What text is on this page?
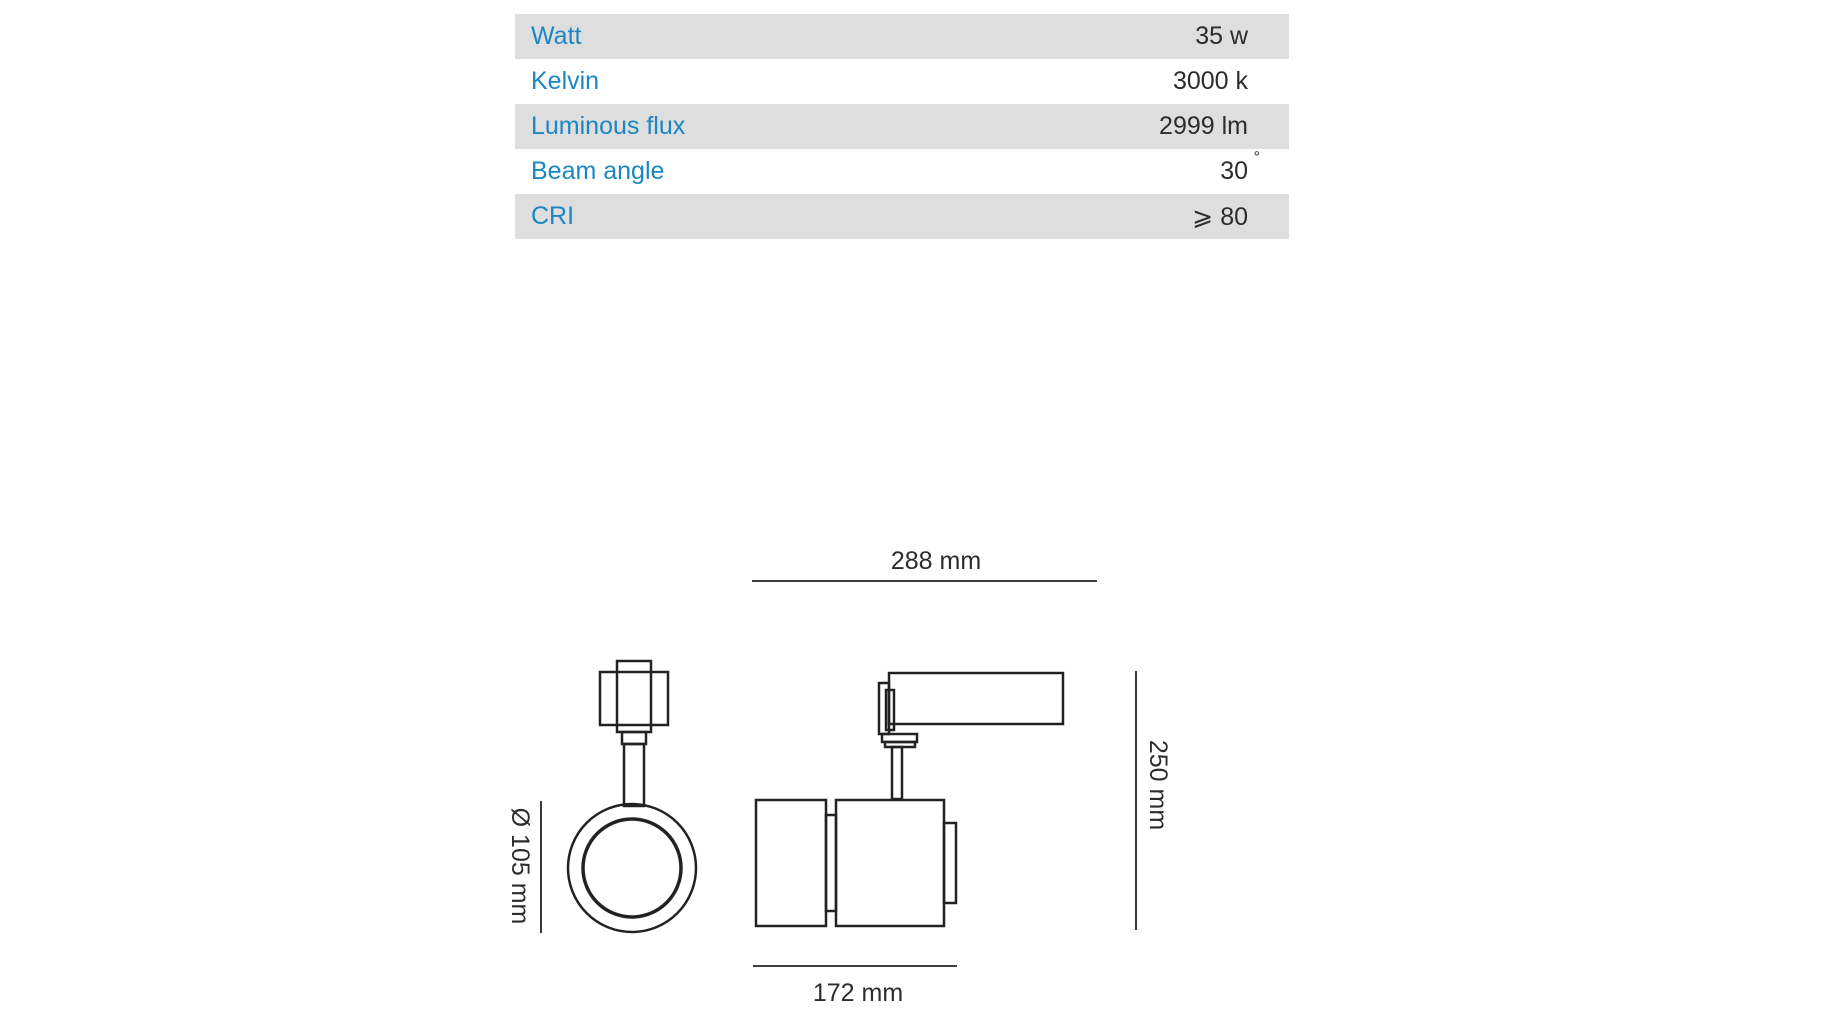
Watt	35 w
Kelvin	3000 k
Luminous flux	2999 lm
Beam angle	30 °
CRI	⩾ 80
288 mm
172 mm
250 mm
Ø 105 mm
